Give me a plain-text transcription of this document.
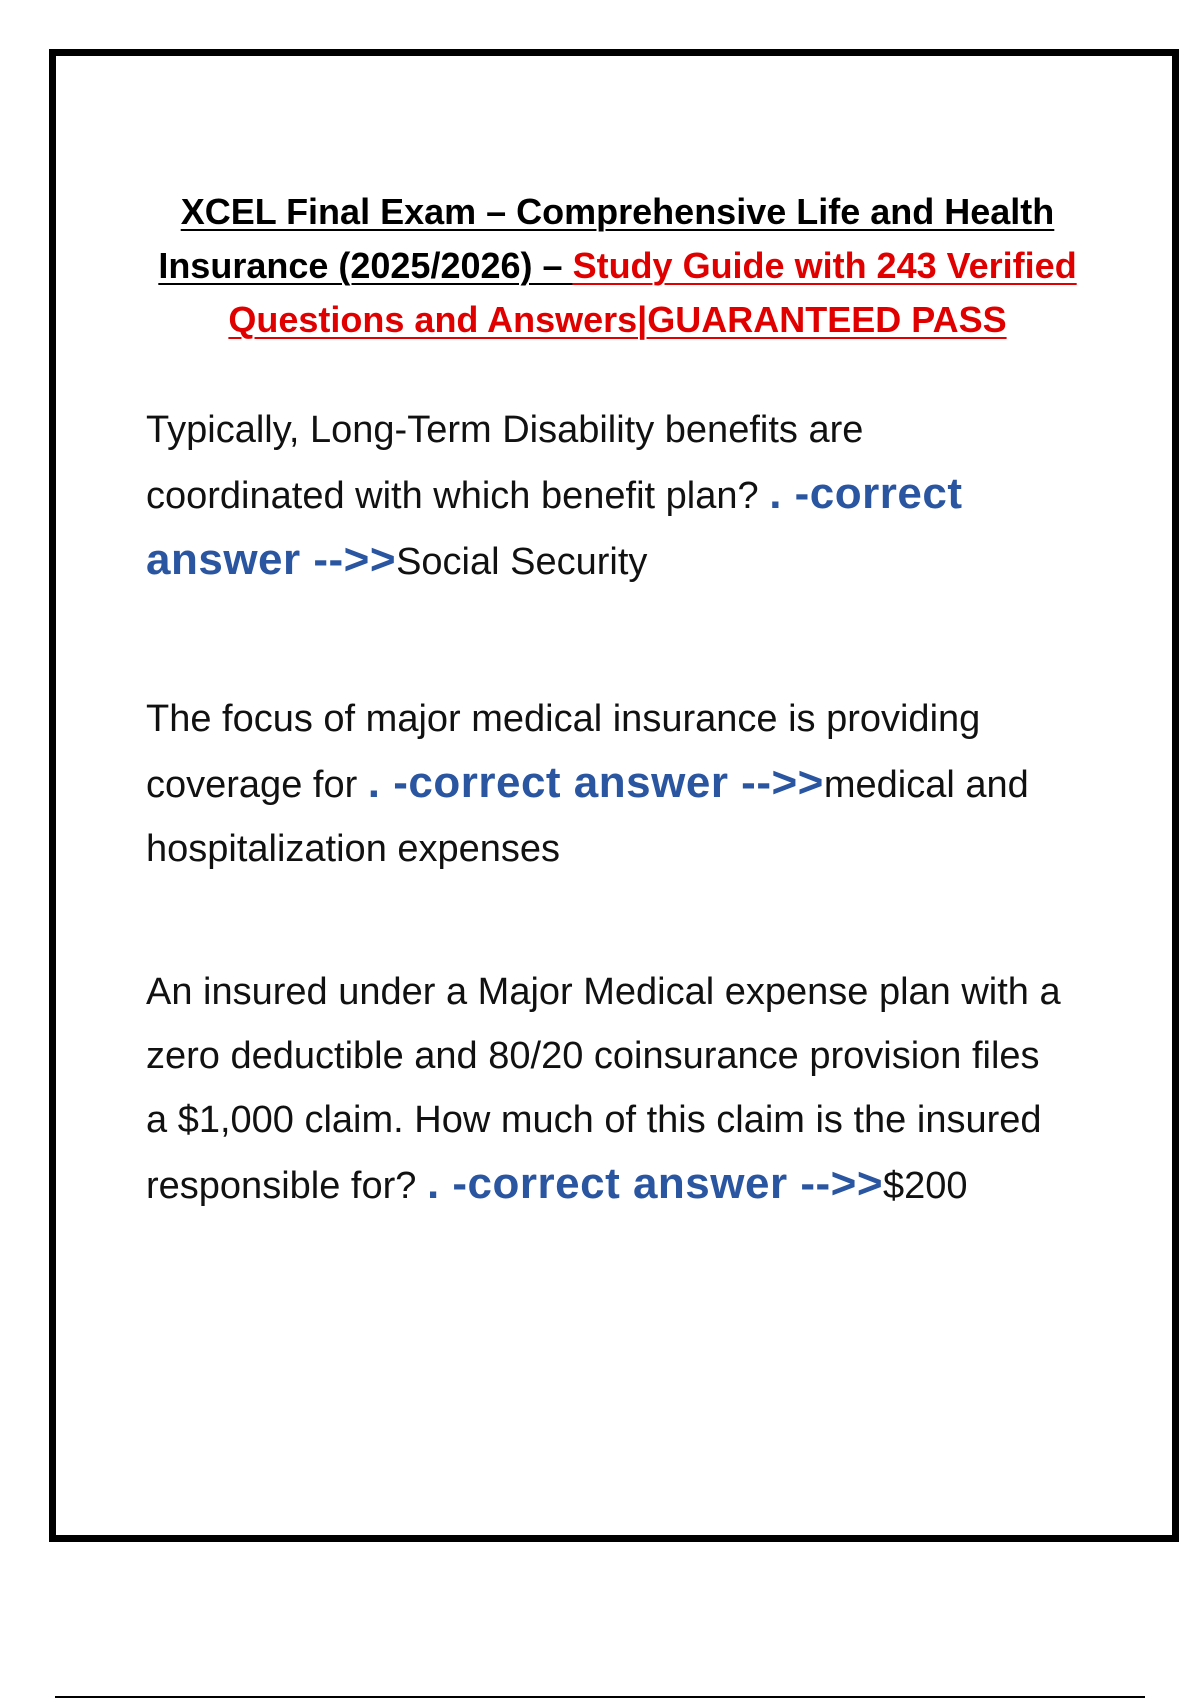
XCEL Final Exam – Comprehensive Life and Health Insurance (2025/2026) – Study Guide with 243 Verified Questions and Answers|GUARANTEED PASS
Typically, Long-Term Disability benefits are coordinated with which benefit plan? . -correct answer -->>Social Security
The focus of major medical insurance is providing coverage for . -correct answer -->>medical and hospitalization expenses
An insured under a Major Medical expense plan with a zero deductible and 80/20 coinsurance provision files a $1,000 claim. How much of this claim is the insured responsible for? . -correct answer -->>$200
